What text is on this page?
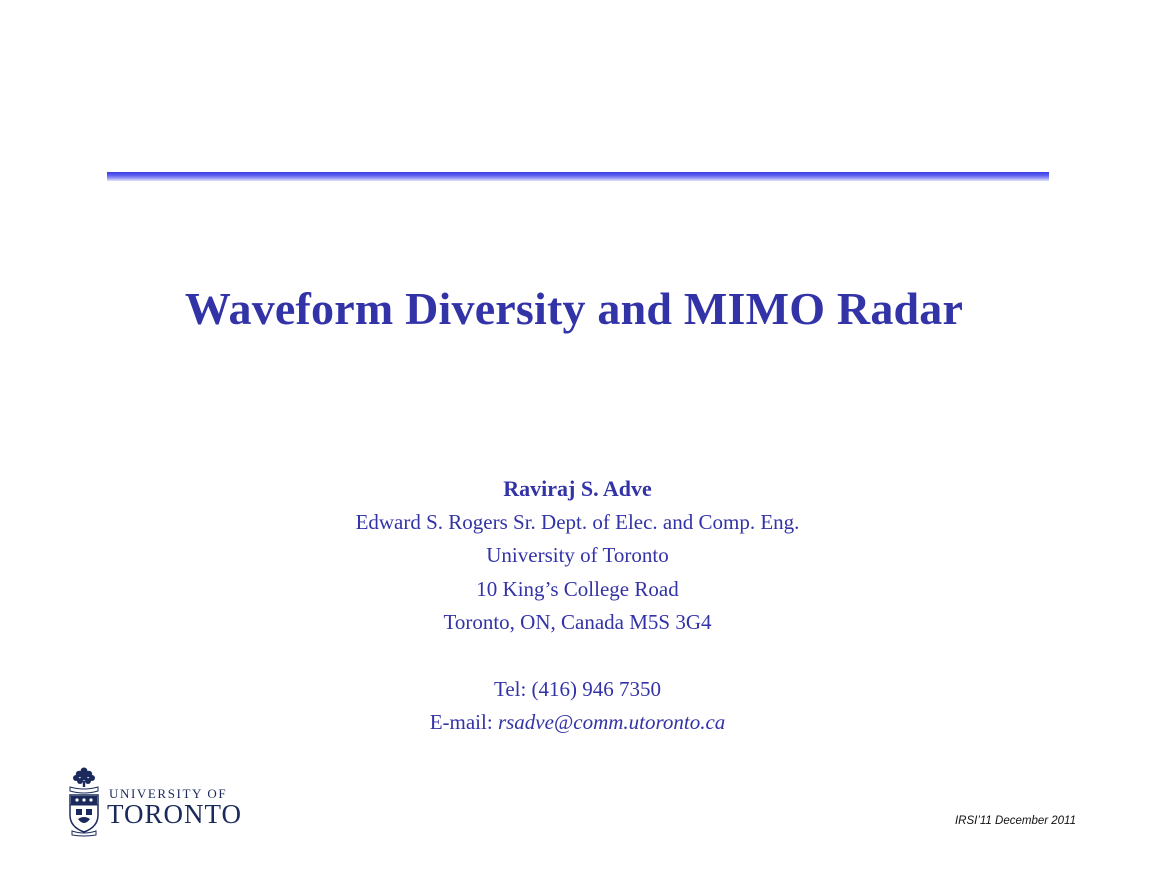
Waveform Diversity and MIMO Radar
Raviraj S. Adve
Edward S. Rogers Sr. Dept. of Elec. and Comp. Eng.
University of Toronto
10 King’s College Road
Toronto, ON, Canada M5S 3G4
Tel: (416) 946 7350
E-mail: rsadve@comm.utoronto.ca
UNIVERSITY OF
TORONTO	IRSI’11 December 2011
